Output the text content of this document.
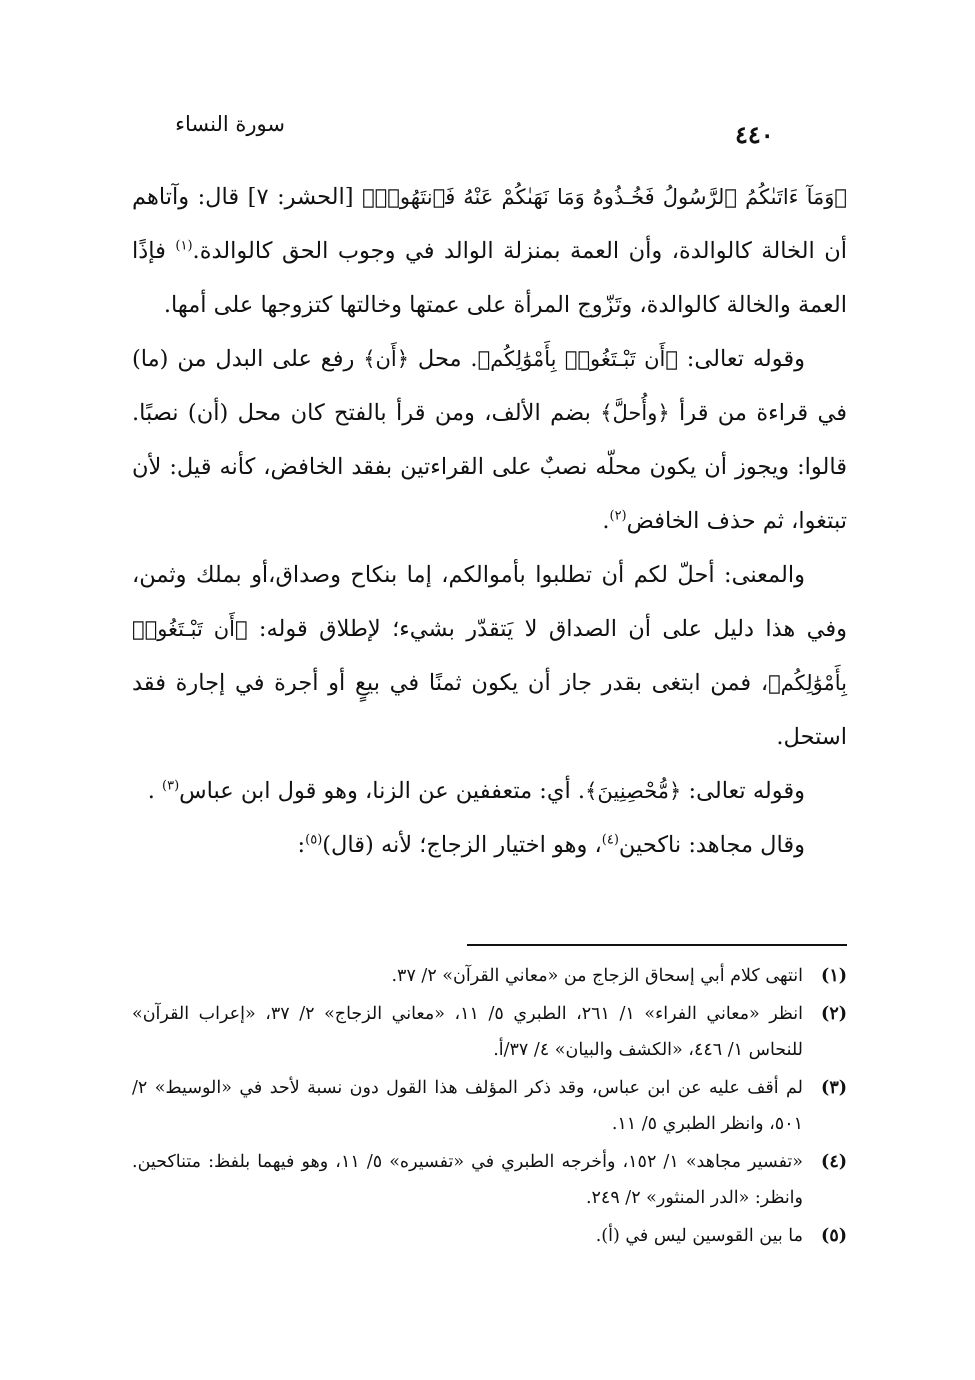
سورة النساء	٤٤٠

﴿وَمَآ ءَاتَىٰكُمُ ٱلرَّسُولُ فَخُـذُوهُ وَمَا نَهَىٰكُمْ عَنْهُ فَٱنتَهُوا۟﴾ [الحشر: ٧] قال: وآتاهم أن الخالة كالوالدة، وأن العمة بمنزلة الوالد في وجوب الحق كالوالدة.$^{(١)}$ فإذًا العمة والخالة كالوالدة، وتَزّوج المرأة على عمتها وخالتها كتزوجها على أمها.

وقوله تعالى: ﴿أَن تَبْـتَغُوا۟ بِأَمْوَٰلِكُم﴾. محل ﴿أَن﴾ رفع على البدل من (ما) في قراءة من قرأ ﴿وأُحلَّ﴾ بضم الألف، ومن قرأ بالفتح كان محل (أن) نصبًا. قالوا: ويجوز أن يكون محلّه نصبٌ على القراءتين بفقد الخافض، كأنه قيل: لأن تبتغوا، ثم حذف الخافض$^{(٢)}$.

والمعنى: أحلّ لكم أن تطلبوا بأموالكم، إما بنكاح وصداق،أو بملك وثمن، وفي هذا دليل على أن الصداق لا يَتقدّر بشيء؛ لإطلاق قوله: ﴿أَن تَبْـتَغُوا۟ بِأَمْوَٰلِكُم﴾، فمن ابتغى بقدر جاز أن يكون ثمنًا في بيعٍ أو أجرة في إجارة فقد استحل.

وقوله تعالى: ﴿مُّحْصِنِينَ﴾. أي: متعففين عن الزنا، وهو قول ابن عباس$^{(٣)}$ .

وقال مجاهد: ناكحين$^{(٤)}$، وهو اختيار الزجاج؛ لأنه (قال)$^{(٥)}$:

(١)
انتهى كلام أبي إسحاق الزجاج من «معاني القرآن» ٢/ ٣٧.
(٢)
انظر «معاني الفراء» ١/ ٢٦١، الطبري ٥/ ١١، «معاني الزجاج» ٢/ ٣٧، «إعراب القرآن» للنحاس ١/ ٤٤٦، «الكشف والبيان» ٤/ ٣٧/أ.
(٣)
لم أقف عليه عن ابن عباس، وقد ذكر المؤلف هذا القول دون نسبة لأحد في «الوسيط» ٢/ ٥٠١، وانظر الطبري ٥/ ١١.
(٤)
«تفسير مجاهد» ١/ ١٥٢، وأخرجه الطبري في «تفسيره» ٥/ ١١، وهو فيهما بلفظ: متناكحين. وانظر: «الدر المنثور» ٢/ ٢٤٩.
(٥)
ما بين القوسين ليس في (أ).
